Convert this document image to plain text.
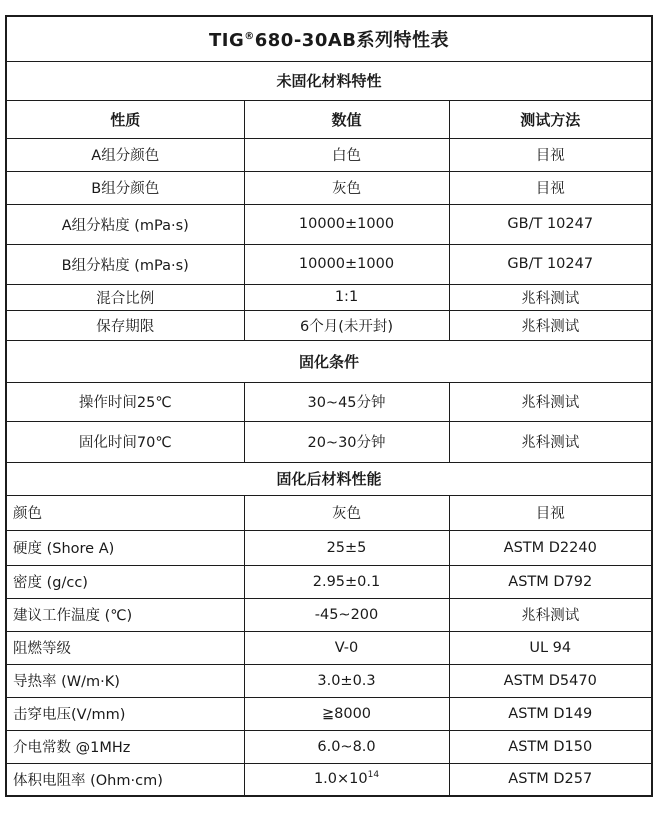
TIG®680-30AB系列特性表		
未固化材料特性		
性质	数值	测试方法
A组分颜色	白色	目视
B组分颜色	灰色	目视
A组分粘度 (mPa·s)	10000±1000	GB/T 10247
B组分粘度 (mPa·s)	10000±1000	GB/T 10247
混合比例	1:1	兆科测试
保存期限	6个月(未开封)	兆科测试
固化条件		
操作时间25℃	30~45分钟	兆科测试
固化时间70℃	20~30分钟	兆科测试
固化后材料性能		
颜色	灰色	目视
硬度 (Shore A)	25±5	ASTM D2240
密度 (g/cc)	2.95±0.1	ASTM D792
建议工作温度 (℃)	-45~200	兆科测试
阻燃等级	V-0	UL 94
导热率 (W/m·K)	3.0±0.3	ASTM D5470
击穿电压(V/mm)	≧8000	ASTM D149
介电常数 @1MHz	6.0~8.0	ASTM D150
体积电阻率 (Ohm·cm)	$1.0\times 10^{14}$	ASTM D257
